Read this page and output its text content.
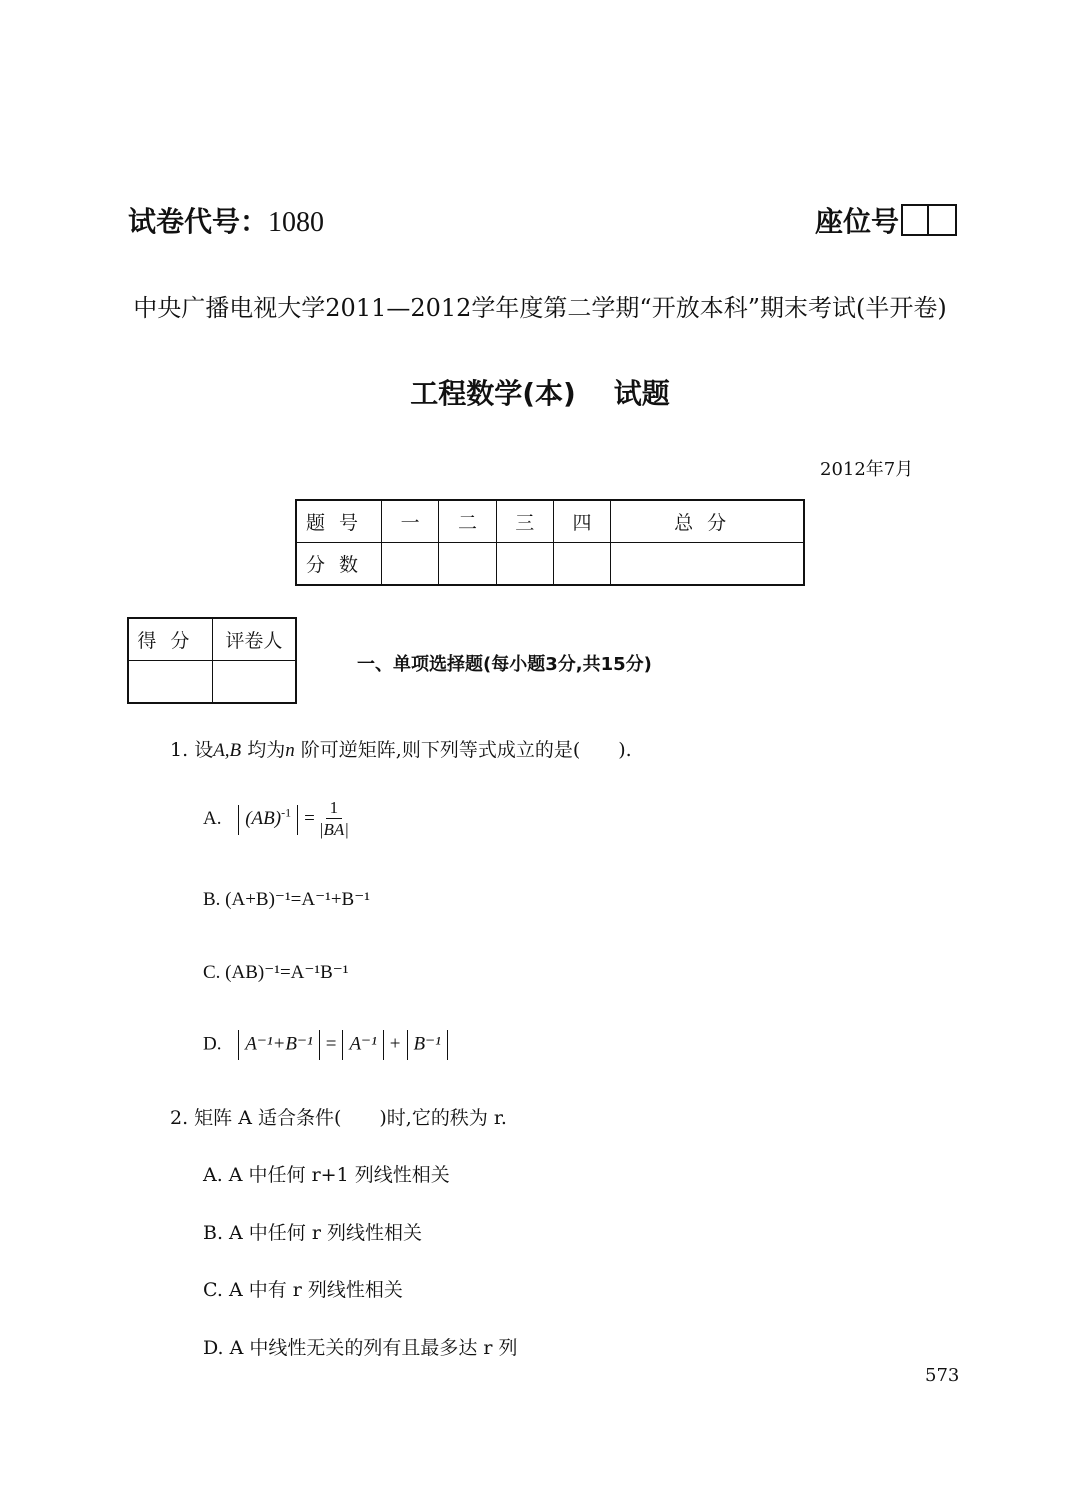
试卷代号：1080	座位号
中央广播电视大学2011—2012学年度第二学期“开放本科”期末考试(半开卷)
工程数学(本) 试题
2012年7月
题号	一	二	三	四	总分
分数					
得分	评卷人

一、单项选择题(每小题3分,共15分)
1. 设A,B 均为n 阶可逆矩阵,则下列等式成立的是(　　).
A. $(AB)^{-1} = \frac{1}{|BA|}$
B. (A+B)⁻¹=A⁻¹+B⁻¹
C. (AB)⁻¹=A⁻¹B⁻¹
D. A⁻¹+B⁻¹ = A⁻¹ + B⁻¹
2. 矩阵 A 适合条件(　　)时,它的秩为 r.
A. A 中任何 r+1 列线性相关
B. A 中任何 r 列线性相关
C. A 中有 r 列线性相关
D. A 中线性无关的列有且最多达 r 列
573
